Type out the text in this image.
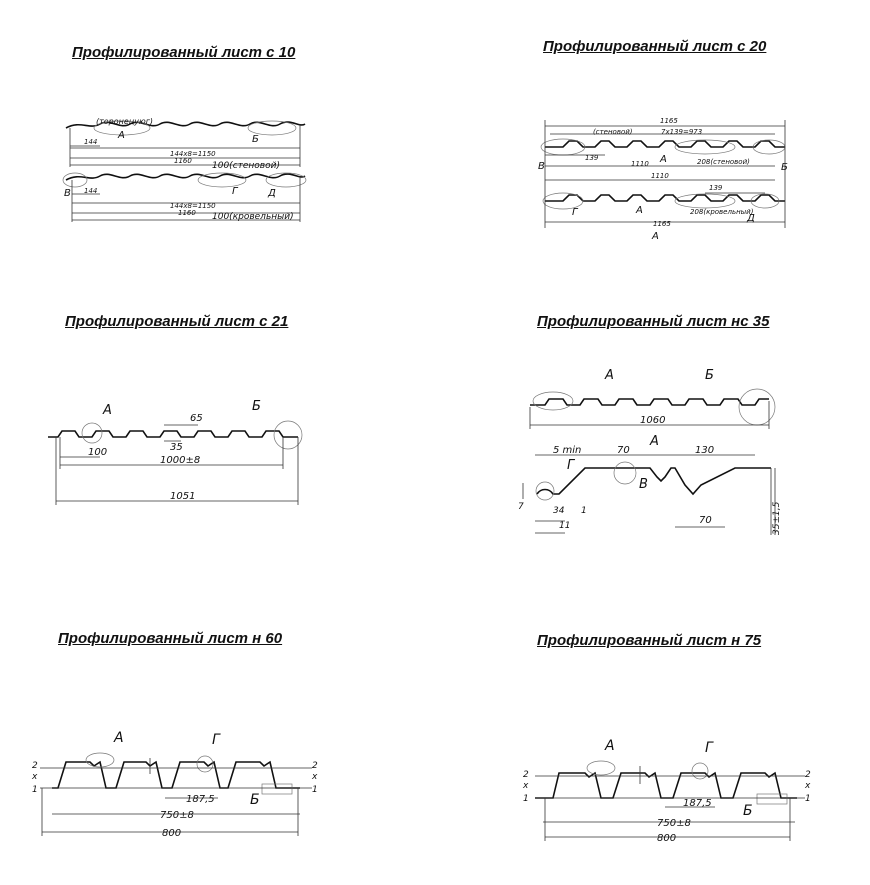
Профилированный лист с 10
(торонецуюг)
А	Б
144
144х8=1150
1160 100(стеновой)
В	Г	Д
144
144х8=1150
1160 100(кровельный)
Профилированный лист с 20
1165
(стеновой)	7х139=973
В
139
1110 А	208(стеновой)	Б
1110
139
Г	А	208(кровельный)
Д
1165
А
Профилированный лист с 21
А	Б
65
35
100
1000±8
1051
Профилированный лист нс 35
А	Б
1060
5 min	70
А
130
Г
В
7	34 1
11	70	35±1,5
Профилированный лист н 60
А	Г
2
х
1
2
х
1
187,5	Б
750±8
800
Профилированный лист н 75
А	Г
2
х
1
2
х
1
187,5 Б
750±8
800
